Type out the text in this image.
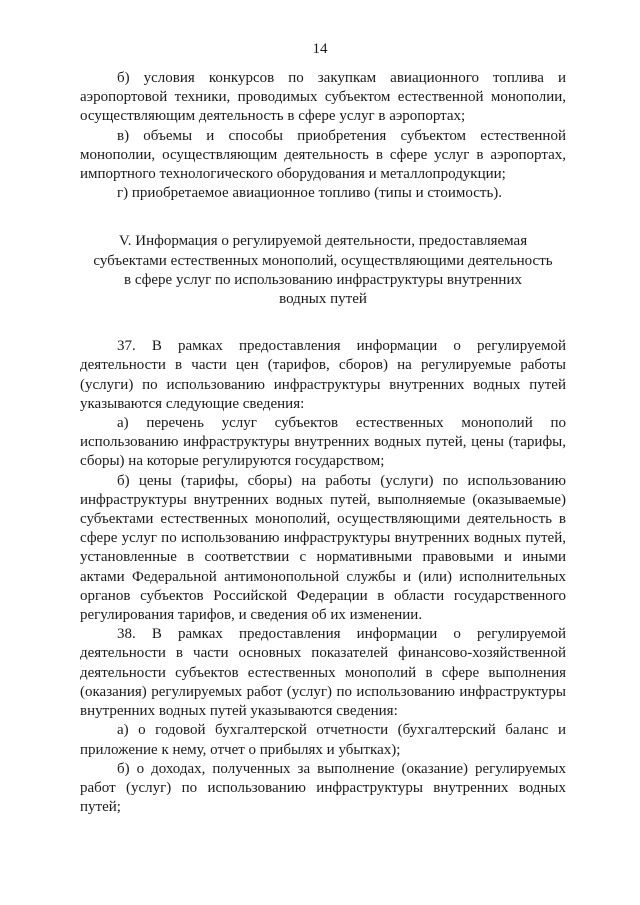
14

б) условия конкурсов по закупкам авиационного топлива и аэропортовой техники, проводимых субъектом естественной монополии, осуществляющим деятельность в сфере услуг в аэропортах;

в) объемы и способы приобретения субъектом естественной монополии, осуществляющим деятельность в сфере услуг в аэропортах, импортного технологического оборудования и металлопродукции;

г) приобретаемое авиационное топливо (типы и стоимость).

V. Информация о регулируемой деятельности, предоставляемая
субъектами естественных монополий, осуществляющими деятельность
в сфере услуг по использованию инфраструктуры внутренних
водных путей

37. В рамках предоставления информации о регулируемой деятельности в части цен (тарифов, сборов) на регулируемые работы (услуги) по использованию инфраструктуры внутренних водных путей указываются следующие сведения:

а) перечень услуг субъектов естественных монополий по использованию инфраструктуры внутренних водных путей, цены (тарифы, сборы) на которые регулируются государством;

б) цены (тарифы, сборы) на работы (услуги) по использованию инфраструктуры внутренних водных путей, выполняемые (оказываемые) субъектами естественных монополий, осуществляющими деятельность в сфере услуг по использованию инфраструктуры внутренних водных путей, установленные в соответствии с нормативными правовыми и иными актами Федеральной антимонопольной службы и (или) исполнительных органов субъектов Российской Федерации в области государственного регулирования тарифов, и сведения об их изменении.

38. В рамках предоставления информации о регулируемой деятельности в части основных показателей финансово-хозяйственной деятельности субъектов естественных монополий в сфере выполнения (оказания) регулируемых работ (услуг) по использованию инфраструктуры внутренних водных путей указываются сведения:

а) о годовой бухгалтерской отчетности (бухгалтерский баланс и приложение к нему, отчет о прибылях и убытках);

б) о доходах, полученных за выполнение (оказание) регулируемых работ (услуг) по использованию инфраструктуры внутренних водных путей;
